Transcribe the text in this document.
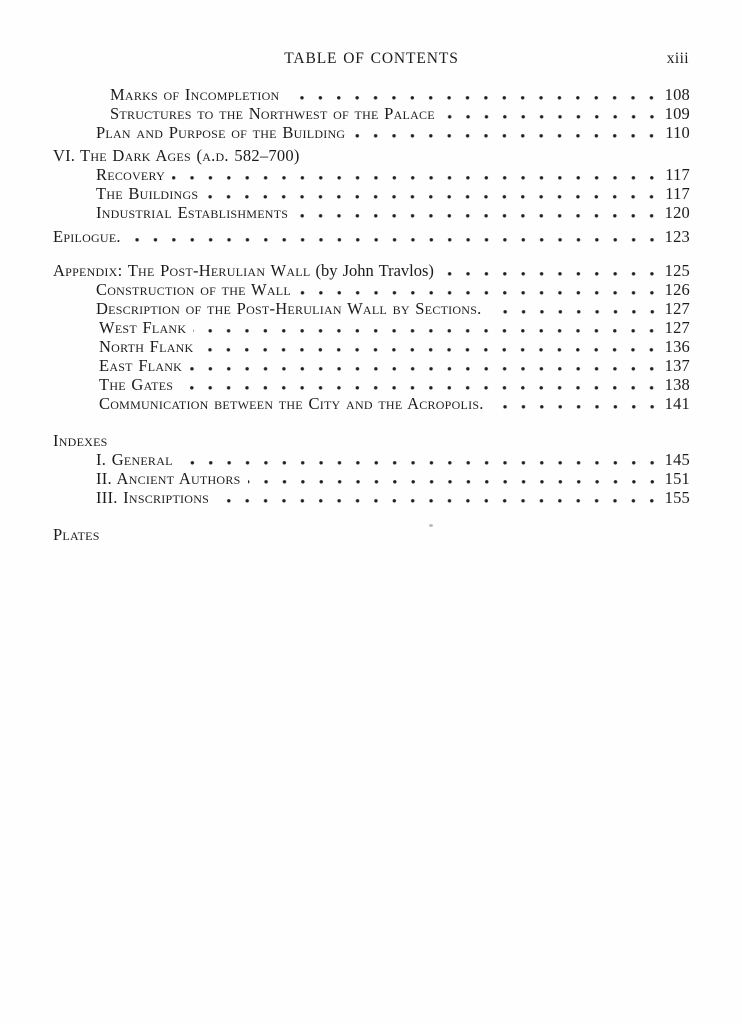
TABLE OF CONTENTS	xiii
Marks of Incompletion	108
Structures to the Northwest of the Palace	109
Plan and Purpose of the Building	110
VI. The Dark Ages (a.d. 582–700)
Recovery	117
The Buildings	117
Industrial Establishments	120
Epilogue.	123
Appendix: The Post-Herulian Wall (by John Travlos)	125
Construction of the Wall	126
Description of the Post-Herulian Wall by Sections.	127
West Flank	127
North Flank	136
East Flank	137
The Gates	138
Communication between the City and the Acropolis.	141
Indexes
I. General	145
II. Ancient Authors	151
III. Inscriptions	155
Plates
